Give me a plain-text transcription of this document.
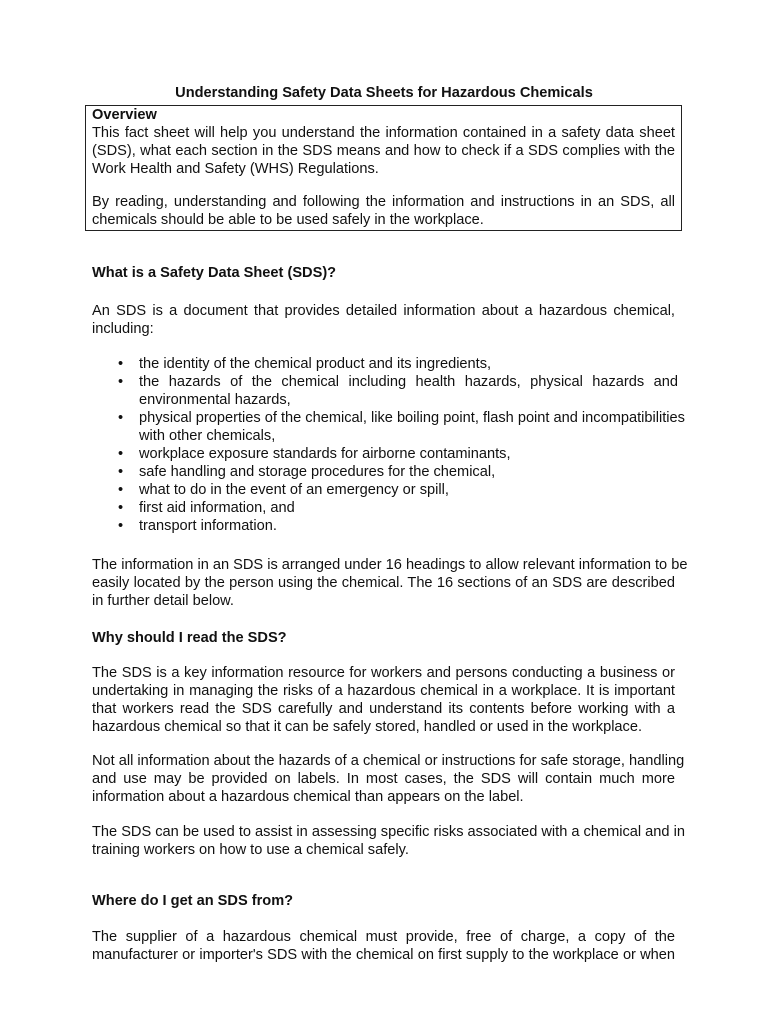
Understanding Safety Data Sheets for Hazardous Chemicals
Overview
This fact sheet will help you understand the information contained in a safety data sheet
(SDS), what each section in the SDS means and how to check if a SDS complies with the
Work Health and Safety (WHS) Regulations.
By reading, understanding and following the information and instructions in an SDS, all
chemicals should be able to be used safely in the workplace.
What is a Safety Data Sheet (SDS)?
An SDS is a document that provides detailed information about a hazardous chemical,
including:
• the identity of the chemical product and its ingredients,
• the hazards of the chemical including health hazards, physical hazards and
environmental hazards,
• physical properties of the chemical, like boiling point, flash point and incompatibilities
with other chemicals,
• workplace exposure standards for airborne contaminants,
• safe handling and storage procedures for the chemical,
• what to do in the event of an emergency or spill,
• first aid information, and
• transport information.
The information in an SDS is arranged under 16 headings to allow relevant information to be
easily located by the person using the chemical. The 16 sections of an SDS are described
in further detail below.
Why should I read the SDS?
The SDS is a key information resource for workers and persons conducting a business or
undertaking in managing the risks of a hazardous chemical in a workplace. It is important
that workers read the SDS carefully and understand its contents before working with a
hazardous chemical so that it can be safely stored, handled or used in the workplace.
Not all information about the hazards of a chemical or instructions for safe storage, handling
and use may be provided on labels. In most cases, the SDS will contain much more
information about a hazardous chemical than appears on the label.
The SDS can be used to assist in assessing specific risks associated with a chemical and in
training workers on how to use a chemical safely.
Where do I get an SDS from?
The supplier of a hazardous chemical must provide, free of charge, a copy of the
manufacturer or importer's SDS with the chemical on first supply to the workplace or when
